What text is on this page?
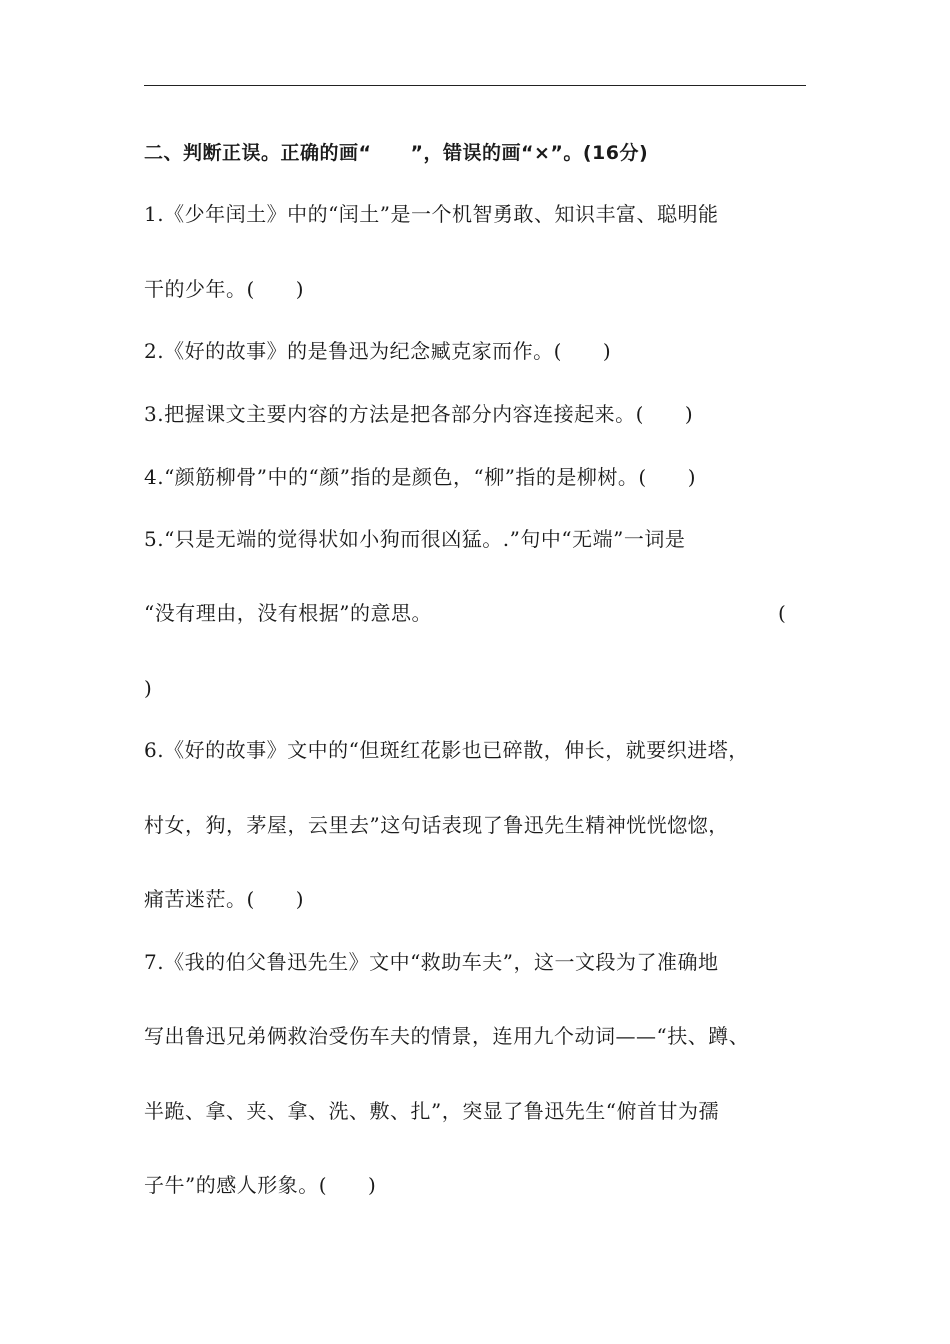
二、判断正误。正确的画“　　”，错误的画“×”。(16分)
1.《少年闰土》中的“闰土”是一个机智勇敢、知识丰富、聪明能
干的少年。(　　)
2.《好的故事》的是鲁迅为纪念臧克家而作。(　　)
3.把握课文主要内容的方法是把各部分内容连接起来。(　　)
4.“颜筋柳骨”中的“颜”指的是颜色，“柳”指的是柳树。(　　)
5.“只是无端的觉得状如小狗而很凶猛。.”句中“无端”一词是
“没有理由，没有根据”的意思。	(
)
6.《好的故事》文中的“但斑红花影也已碎散，伸长，就要织进塔，
村女，狗，茅屋，云里去”这句话表现了鲁迅先生精神恍恍惚惚，
痛苦迷茫。(　　)
7.《我的伯父鲁迅先生》文中“救助车夫”，这一文段为了准确地
写出鲁迅兄弟俩救治受伤车夫的情景，连用九个动词——“扶、蹲、
半跪、拿、夹、拿、洗、敷、扎”，突显了鲁迅先生“俯首甘为孺
子牛”的感人形象。(　　)
